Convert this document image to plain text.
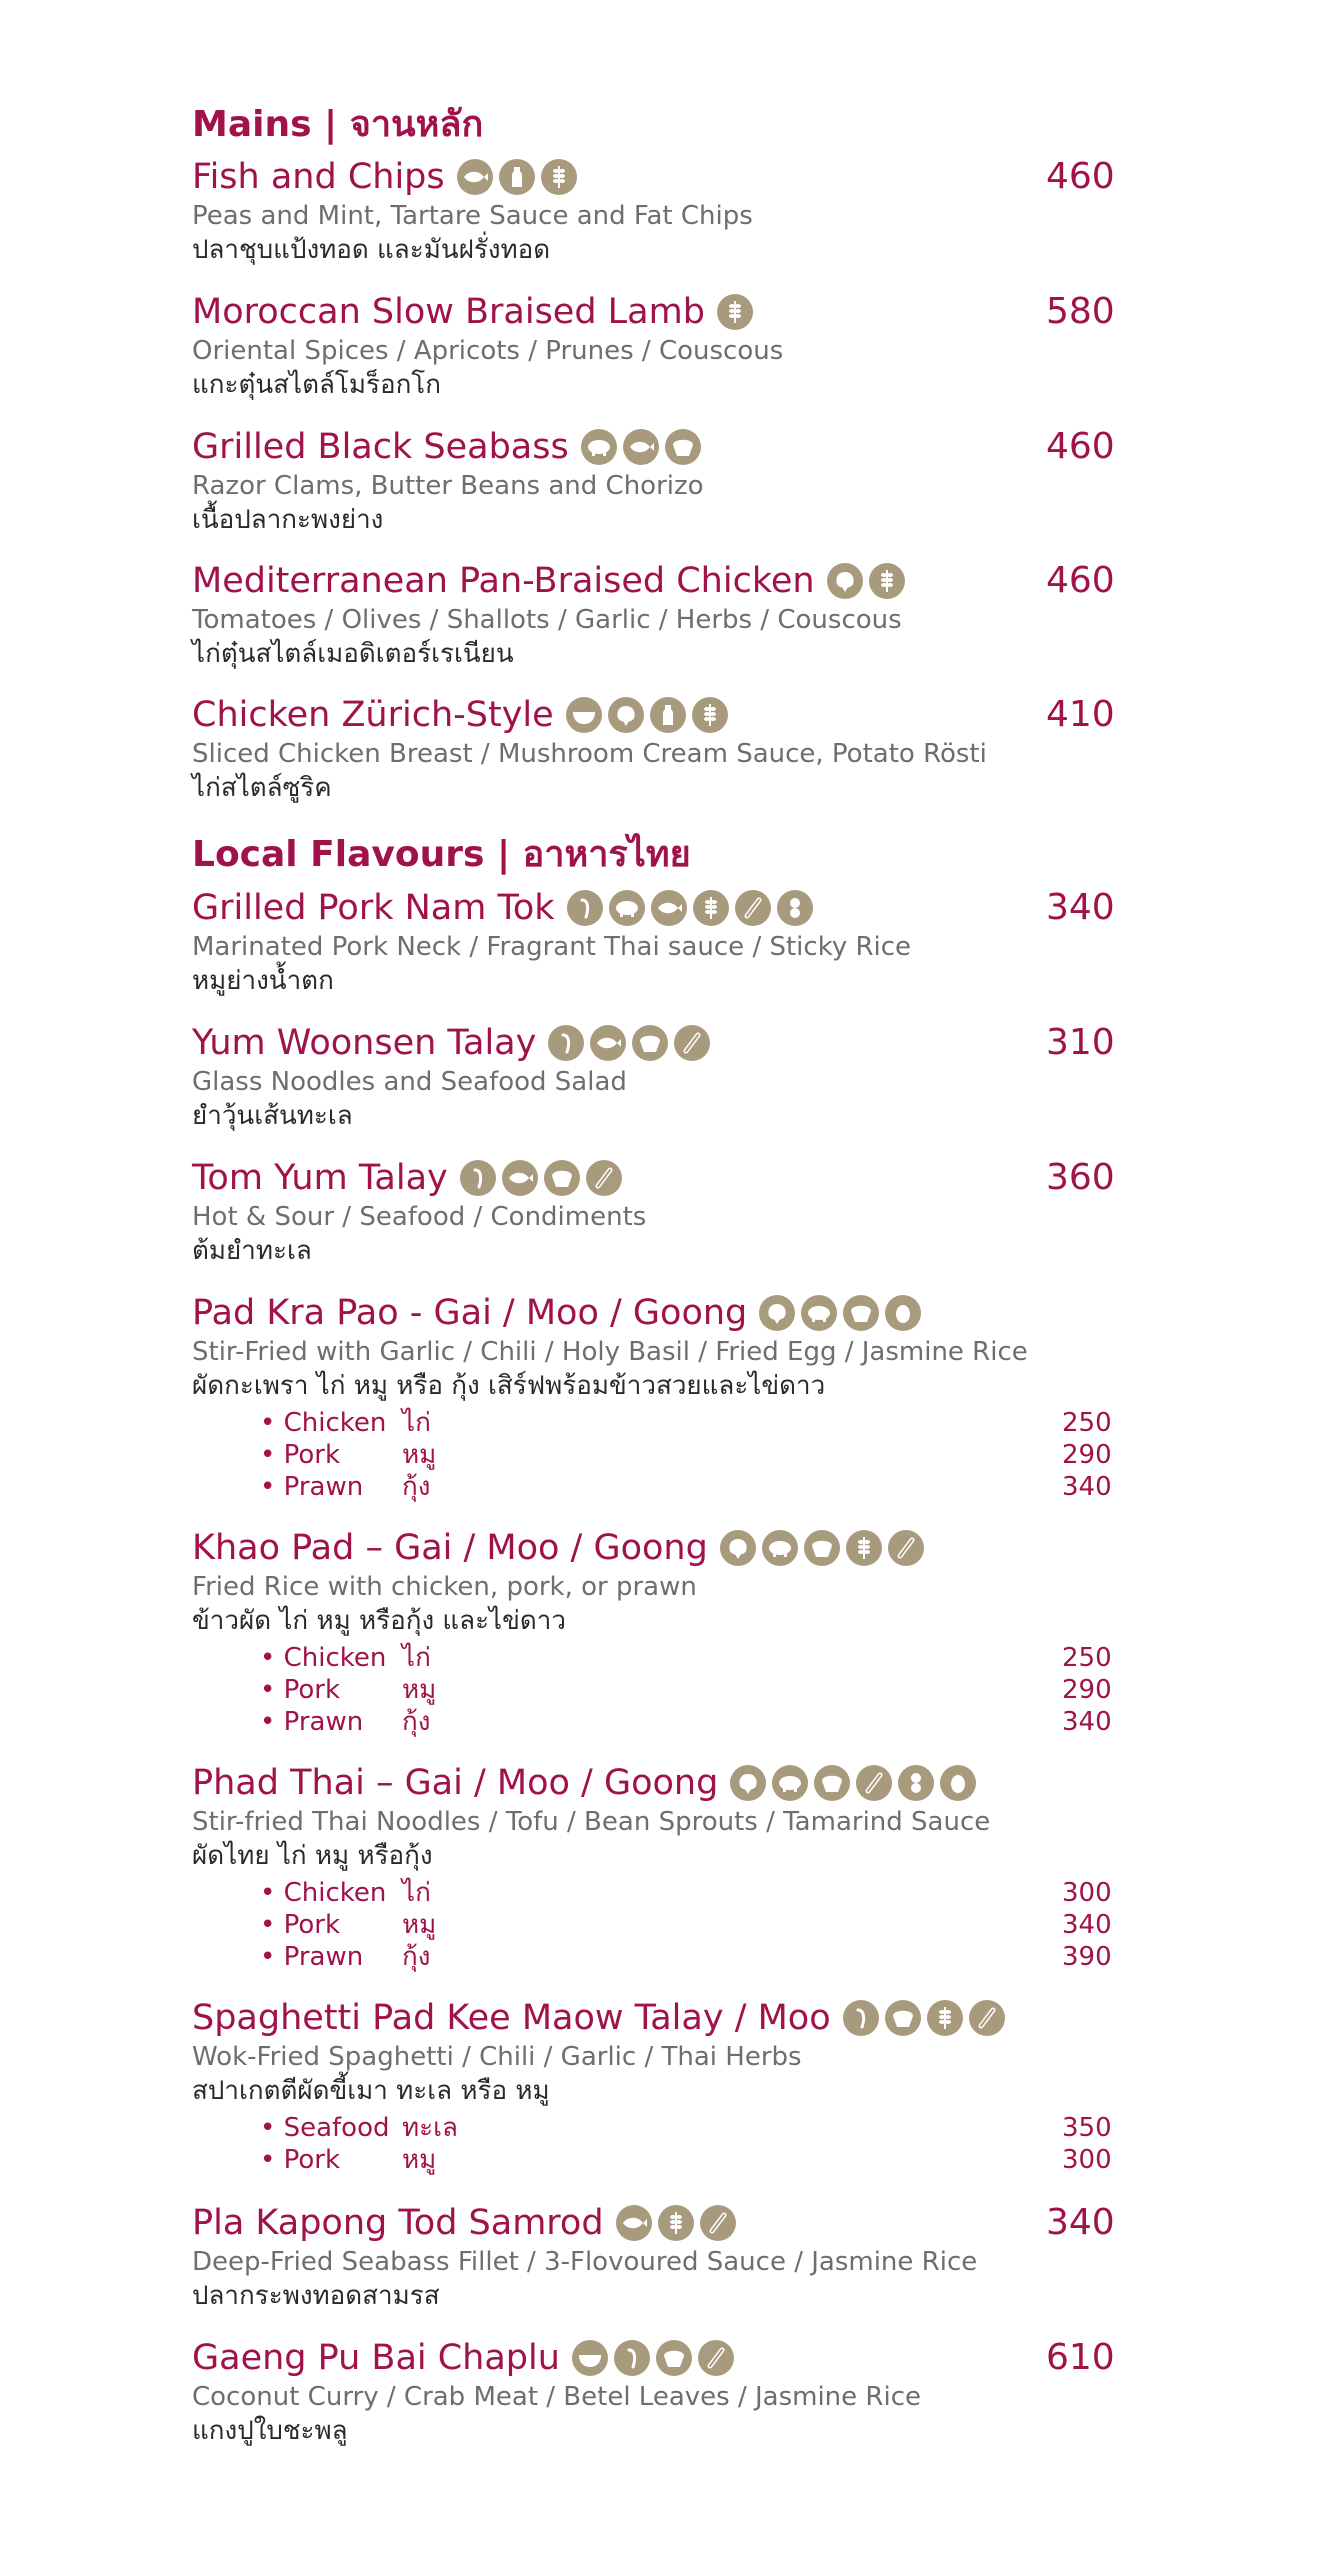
Mains | จานหลัก
Fish and Chips	460
Peas and Mint, Tartare Sauce and Fat Chips
ปลาชุบแป้งทอด และมันฝรั่งทอด
Moroccan Slow Braised Lamb	580
Oriental Spices / Apricots / Prunes / Couscous
แกะตุ๋นสไตล์โมร็อกโก
Grilled Black Seabass	460
Razor Clams, Butter Beans and Chorizo
เนื้อปลากะพงย่าง
Mediterranean Pan-Braised Chicken	460
Tomatoes / Olives / Shallots / Garlic / Herbs / Couscous
ไก่ตุ๋นสไตล์เมอดิเตอร์เรเนียน
Chicken Zürich-Style	410
Sliced Chicken Breast / Mushroom Cream Sauce, Potato Rösti
ไก่สไตล์ซูริค
Local Flavours | อาหารไทย
Grilled Pork Nam Tok	340
Marinated Pork Neck / Fragrant Thai sauce / Sticky Rice
หมูย่างน้ำตก
Yum Woonsen Talay	310
Glass Noodles and Seafood Salad
ยำวุ้นเส้นทะเล
Tom Yum Talay	360
Hot & Sour / Seafood / Condiments
ต้มยำทะเล
Pad Kra Pao - Gai / Moo / Goong
Stir-Fried with Garlic / Chili / Holy Basil / Fried Egg / Jasmine Rice
ผัดกะเพรา ไก่ หมู หรือ กุ้ง เสิร์ฟพร้อมข้าวสวยและไข่ดาว
• Chicken ไก่	250
• Pork หมู	290
• Prawn กุ้ง	340
Khao Pad – Gai / Moo / Goong
Fried Rice with chicken, pork, or prawn
ข้าวผัด ไก่ หมู หรือกุ้ง และไข่ดาว
• Chicken ไก่	250
• Pork หมู	290
• Prawn กุ้ง	340
Phad Thai – Gai / Moo / Goong
Stir-fried Thai Noodles / Tofu / Bean Sprouts / Tamarind Sauce
ผัดไทย ไก่ หมู หรือกุ้ง
• Chicken ไก่	300
• Pork หมู	340
• Prawn กุ้ง	390
Spaghetti Pad Kee Maow Talay / Moo
Wok-Fried Spaghetti / Chili / Garlic / Thai Herbs
สปาเกตตีผัดขี้เมา ทะเล หรือ หมู
• Seafood ทะเล	350
• Pork หมู	300
Pla Kapong Tod Samrod	340
Deep-Fried Seabass Fillet / 3-Flovoured Sauce / Jasmine Rice
ปลากระพงทอดสามรส
Gaeng Pu Bai Chaplu	610
Coconut Curry / Crab Meat / Betel Leaves / Jasmine Rice
แกงปูใบชะพลู
